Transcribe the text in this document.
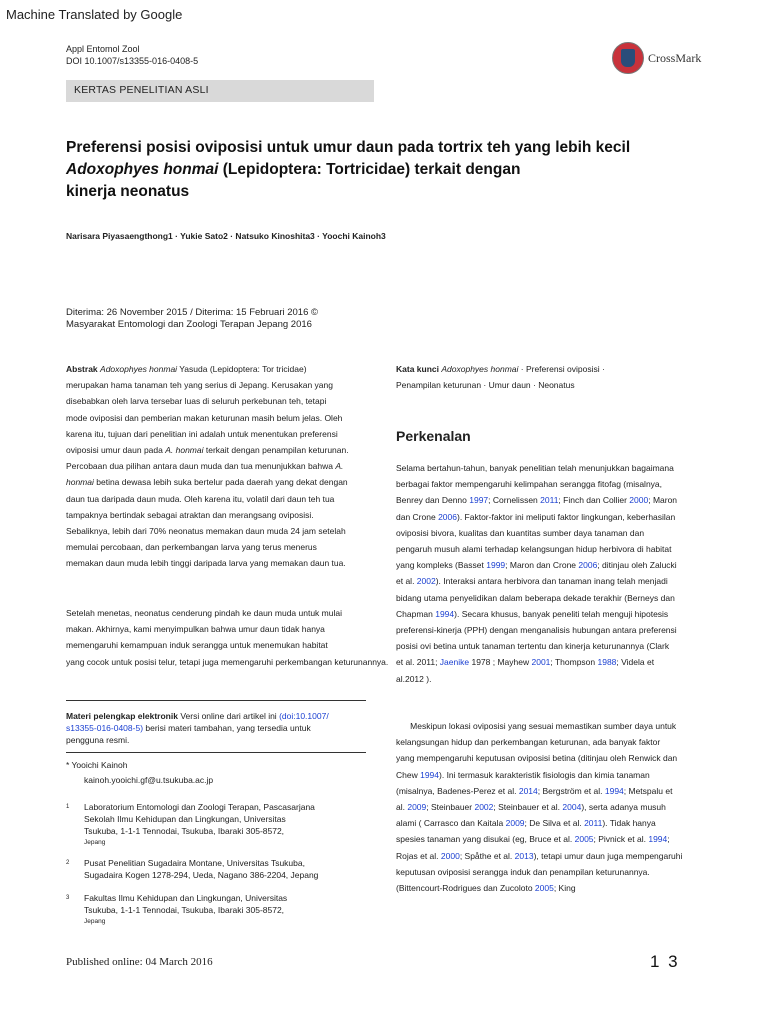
Machine Translated by Google
Appl Entomol Zool
DOI 10.1007/s13355-016-0408-5	CrossMark
KERTAS PENELITIAN ASLI
Preferensi posisi oviposisi untuk umur daun pada tortrix teh yang lebih kecil
Adoxophyes honmai (Lepidoptera: Tortricidae) terkait dengan
kinerja neonatus
Narisara Piyasaengthong1 · Yukie Sato2 · Natsuko Kinoshita3 · Yoochi Kainoh3
Diterima: 26 November 2015 / Diterima: 15 Februari 2016 ©
Masyarakat Entomologi dan Zoologi Terapan Jepang 2016
Abstrak Adoxophyes honmai Yasuda (Lepidoptera: Tor tricidae)
merupakan hama tanaman teh yang serius di Jepang. Kerusakan yang
disebabkan oleh larva tersebar luas di seluruh perkebunan teh, tetapi
mode oviposisi dan pemberian makan keturunan masih belum jelas. Oleh
karena itu, tujuan dari penelitian ini adalah untuk menentukan preferensi
oviposisi umur daun pada A. honmai terkait dengan penampilan keturunan.
Percobaan dua pilihan antara daun muda dan tua menunjukkan bahwa A.
honmai betina dewasa lebih suka bertelur pada daerah yang dekat dengan
daun tua daripada daun muda. Oleh karena itu, volatil dari daun teh tua
tampaknya bertindak sebagai atraktan dan merangsang oviposisi.
Sebaliknya, lebih dari 70% neonatus memakan daun muda 24 jam setelah
memulai percobaan, dan perkembangan larva yang terus menerus
memakan daun muda lebih tinggi daripada larva yang memakan daun tua.
Setelah menetas, neonatus cenderung pindah ke daun muda untuk mulai
makan. Akhirnya, kami menyimpulkan bahwa umur daun tidak hanya
memengaruhi kemampuan induk serangga untuk menemukan habitat
yang cocok untuk posisi telur, tetapi juga memengaruhi perkembangan keturunannya.
Materi pelengkap elektronik Versi online dari artikel ini (doi:10.1007/
s13355-016-0408-5) berisi materi tambahan, yang tersedia untuk
pengguna resmi.
* Yooichi Kainoh
kainoh.yooichi.gf@u.tsukuba.ac.jp
1 Laboratorium Entomologi dan Zoologi Terapan, Pascasarjana
Sekolah Ilmu Kehidupan dan Lingkungan, Universitas
Tsukuba, 1-1-1 Tennodai, Tsukuba, Ibaraki 305-8572,
Jepang
2 Pusat Penelitian Sugadaira Montane, Universitas Tsukuba,
Sugadaira Kogen 1278-294, Ueda, Nagano 386-2204, Jepang
3 Fakultas Ilmu Kehidupan dan Lingkungan, Universitas
Tsukuba, 1-1-1 Tennodai, Tsukuba, Ibaraki 305-8572,
Jepang
Kata kunci Adoxophyes honmai · Preferensi oviposisi ·
Penampilan keturunan · Umur daun · Neonatus
Perkenalan
Selama bertahun-tahun, banyak penelitian telah menunjukkan bagaimana
berbagai faktor mempengaruhi kelimpahan serangga fitofag (misalnya,
Benrey dan Denno 1997; Cornelissen 2011; Finch dan Collier 2000; Maron
dan Crone 2006). Faktor-faktor ini meliputi faktor lingkungan, keberhasilan
oviposisi bivora, kualitas dan kuantitas sumber daya tanaman dan
pengaruh musuh alami terhadap kelangsungan hidup herbivora di habitat
yang kompleks (Basset 1999; Maron dan Crone 2006; ditinjau oleh Zalucki
et al. 2002). Interaksi antara herbivora dan tanaman inang telah menjadi
bidang utama penyelidikan dalam beberapa dekade terakhir (Berneys dan
Chapman 1994). Secara khusus, banyak peneliti telah menguji hipotesis
preferensi-kinerja (PPH) dengan menganalisis hubungan antara preferensi
posisi ovi betina untuk tanaman tertentu dan kinerja keturunannya (Clark
et al. 2011; Jaenike 1978 ; Mayhew 2001; Thompson 1988; Videla et
al.2012 ).
Meskipun lokasi oviposisi yang sesuai memastikan sumber daya untuk
kelangsungan hidup dan perkembangan keturunan, ada banyak faktor
yang mempengaruhi keputusan oviposisi betina (ditinjau oleh Renwick dan
Chew 1994). Ini termasuk karakteristik fisiologis dan kimia tanaman
(misalnya, Badenes-Perez et al. 2014; Bergström et al. 1994; Metspalu et
al. 2009; Steinbauer 2002; Steinbauer et al. 2004), serta adanya musuh
alami ( Carrasco dan Kaitala 2009; De Silva et al. 2011). Tidak hanya
spesies tanaman yang disukai (eg, Bruce et al. 2005; Pivnick et al. 1994;
Rojas et al. 2000; Spåthe et al. 2013), tetapi umur daun juga mempengaruhi
keputusan oviposisi serangga induk dan penampilan keturunannya.
(Bittencourt-Rodrigues dan Zucoloto 2005; King
Published online: 04 March 2016	1 3
